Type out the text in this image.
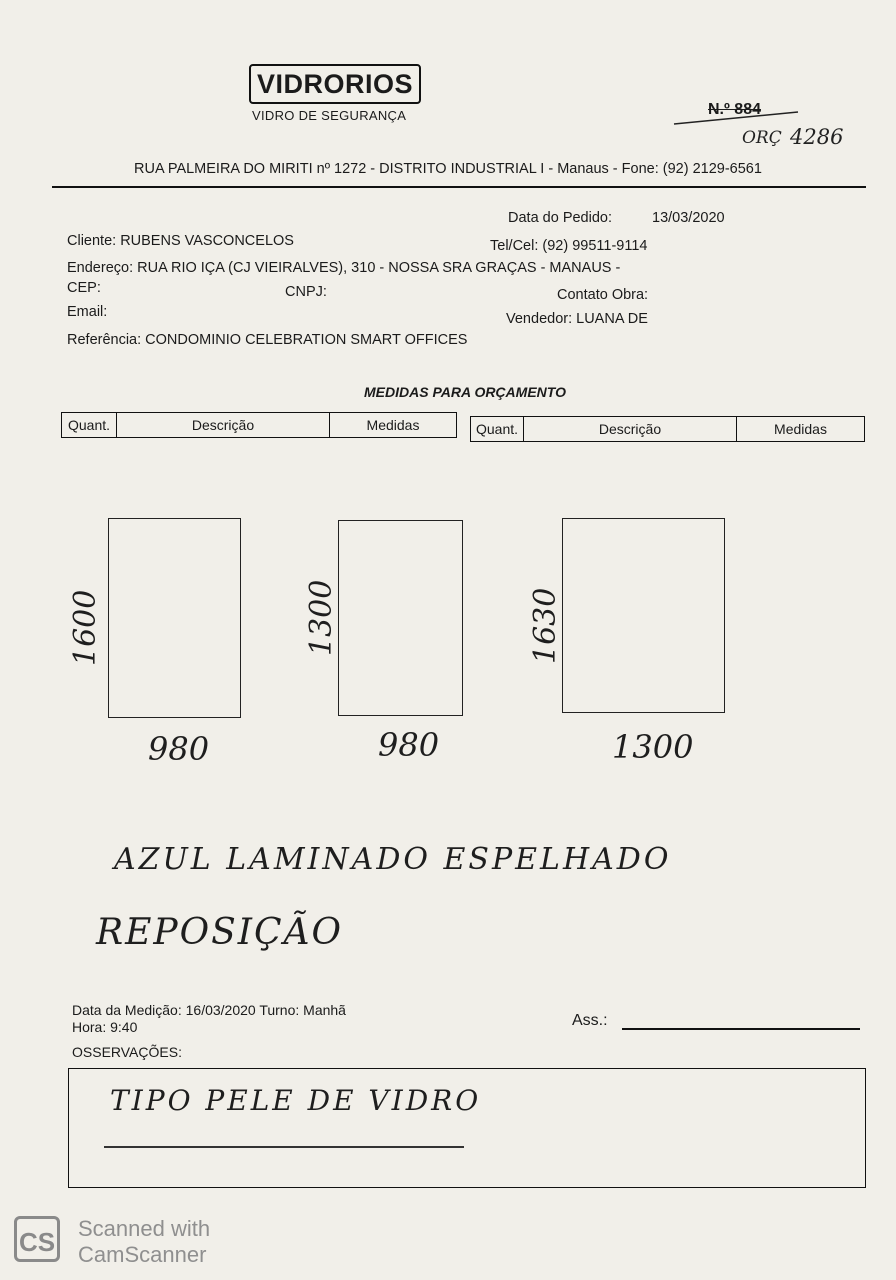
VIDRORIOS
VIDRO DE SEGURANÇA	N.º 884
ORÇ 4286
RUA PALMEIRA DO MIRITI nº 1272 - DISTRITO INDUSTRIAL I - Manaus - Fone: (92) 2129-6561
Data do Pedido:	13/03/2020
Cliente: RUBENS VASCONCELOS	Tel/Cel: (92) 99511-9114
Endereço: RUA RIO IÇA (CJ VIEIRALVES), 310 - NOSSA SRA GRAÇAS - MANAUS -
CEP:	CNPJ:	Contato Obra:
Email:	Vendedor: LUANA DE
Referência: CONDOMINIO CELEBRATION SMART OFFICES
MEDIDAS PARA ORÇAMENTO
Quant.	Descrição	Medidas	Quant.	Descrição	Medidas
1600
980
1300
980
1630
1300
AZUL LAMINADO ESPELHADO
REPOSIÇÃO
Data da Medição: 16/03/2020 Turno: Manhã
Hora: 9:40	Ass.:
OSSERVAÇÕES:
TIPO PELE DE VIDRO
CS Scanned with
CamScanner
